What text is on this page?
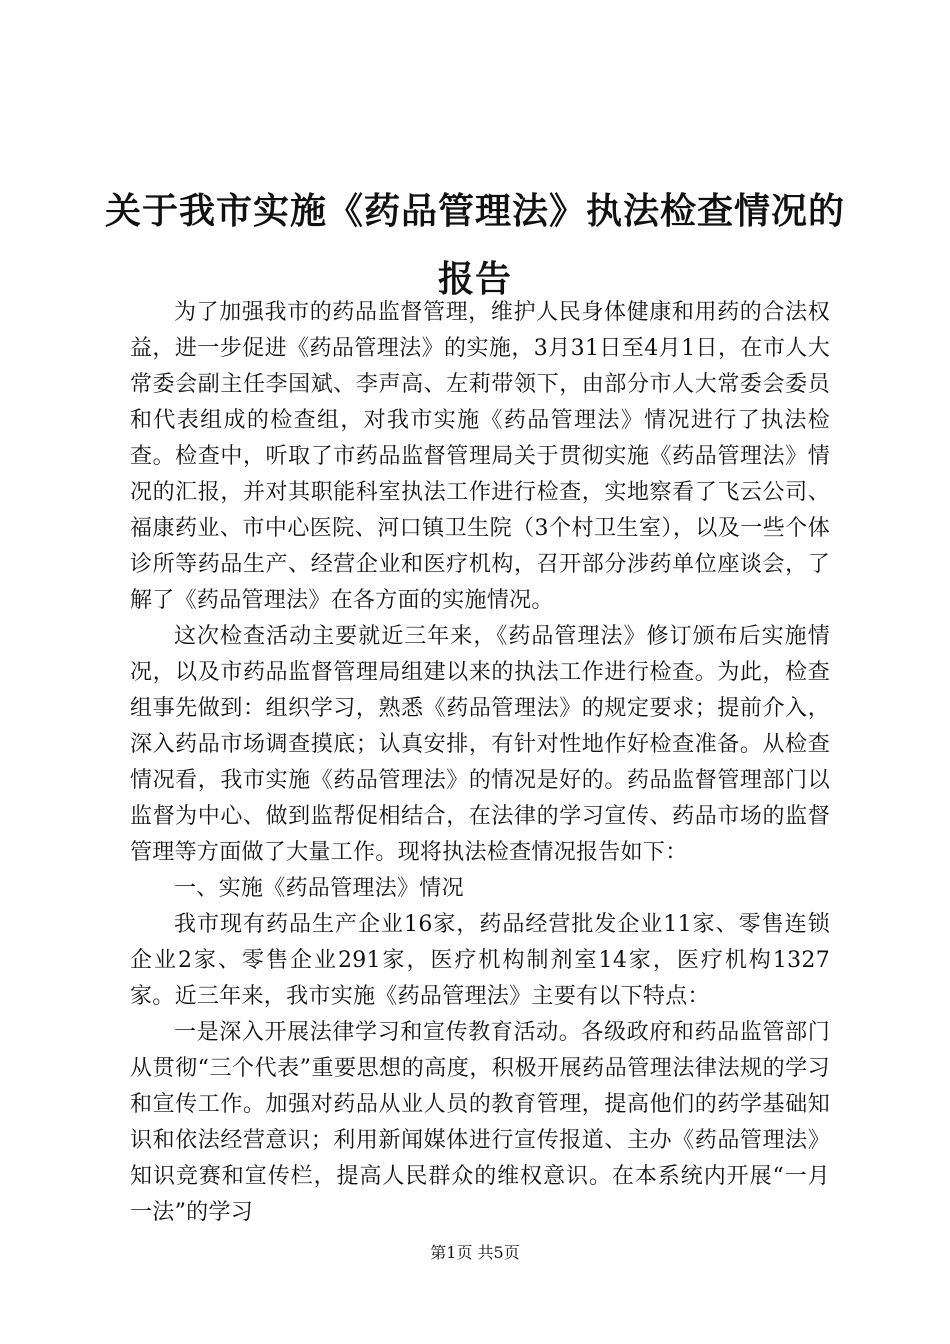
关于我市实施《药品管理法》执法检查情况的报告

为了加强我市的药品监督管理，维护人民身体健康和用药的合法权益，进一步促进《药品管理法》的实施，3月31日至4月1日，在市人大常委会副主任李国斌、李声高、左莉带领下，由部分市人大常委会委员和代表组成的检查组，对我市实施《药品管理法》情况进行了执法检查。检查中，听取了市药品监督管理局关于贯彻实施《药品管理法》情况的汇报，并对其职能科室执法工作进行检查，实地察看了飞云公司、福康药业、市中心医院、河口镇卫生院（3个村卫生室），以及一些个体诊所等药品生产、经营企业和医疗机构，召开部分涉药单位座谈会，了解了《药品管理法》在各方面的实施情况。

这次检查活动主要就近三年来，《药品管理法》修订颁布后实施情况，以及市药品监督管理局组建以来的执法工作进行检查。为此，检查组事先做到：组织学习，熟悉《药品管理法》的规定要求；提前介入，深入药品市场调查摸底；认真安排，有针对性地作好检查准备。从检查情况看，我市实施《药品管理法》的情况是好的。药品监督管理部门以监督为中心、做到监帮促相结合，在法律的学习宣传、药品市场的监督管理等方面做了大量工作。现将执法检查情况报告如下：

一、实施《药品管理法》情况

我市现有药品生产企业16家，药品经营批发企业11家、零售连锁企业2家、零售企业291家，医疗机构制剂室14家，医疗机构1327家。近三年来，我市实施《药品管理法》主要有以下特点：

一是深入开展法律学习和宣传教育活动。各级政府和药品监管部门从贯彻“三个代表”重要思想的高度，积极开展药品管理法律法规的学习和宣传工作。加强对药品从业人员的教育管理，提高他们的药学基础知识和依法经营意识；利用新闻媒体进行宣传报道、主办《药品管理法》知识竞赛和宣传栏，提高人民群众的维权意识。在本系统内开展“一月一法”的学习

第1页 共5页
